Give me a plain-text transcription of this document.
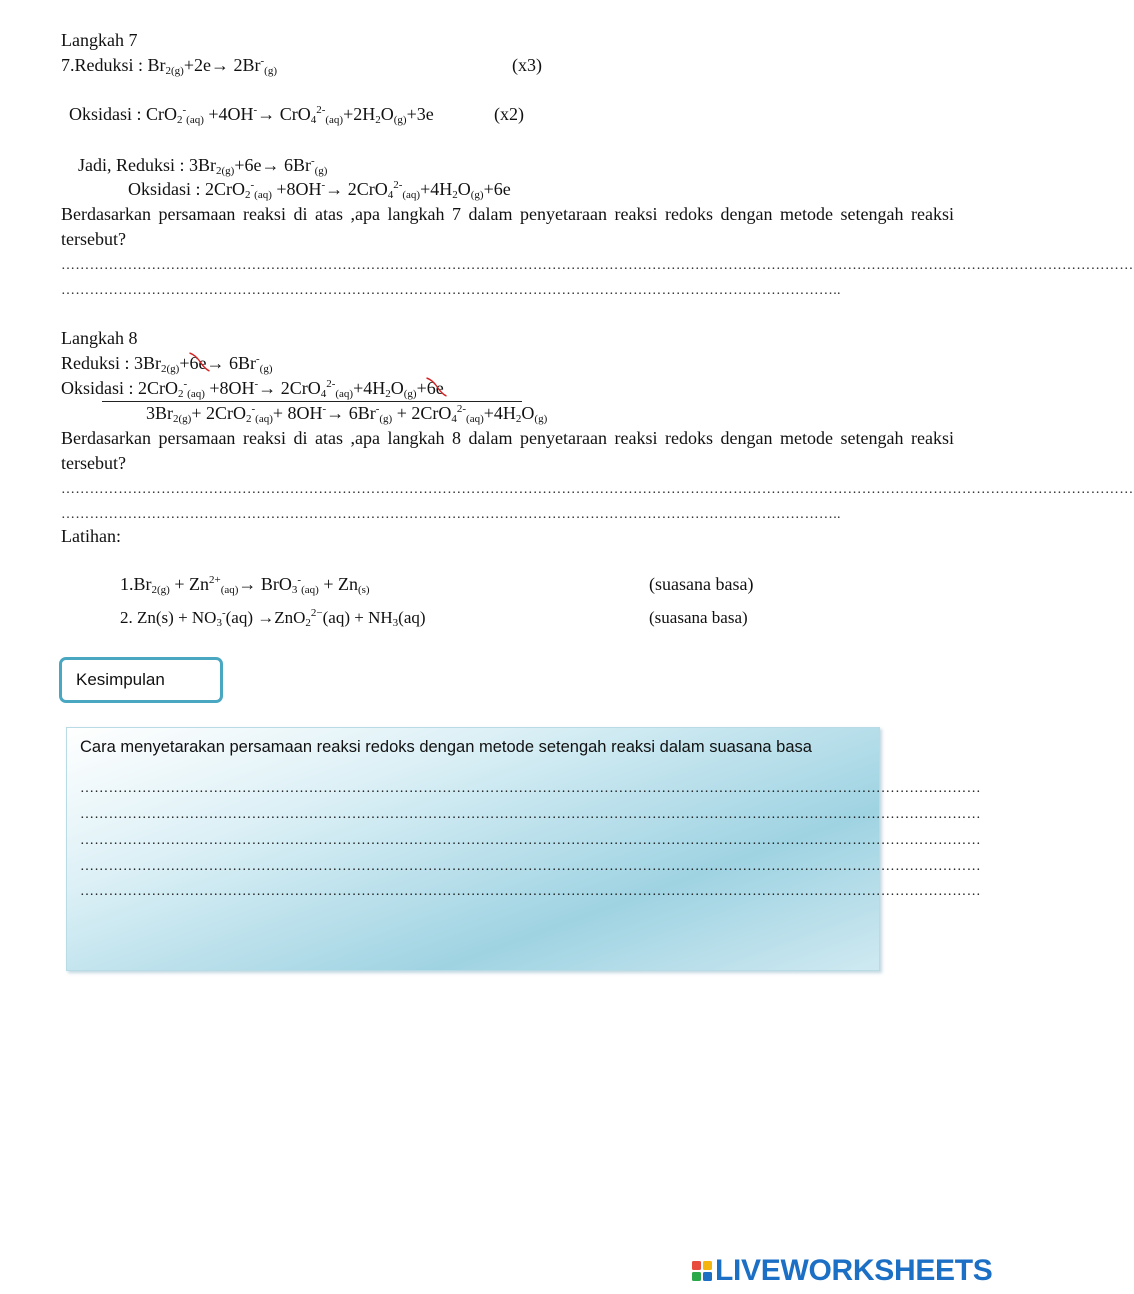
Langkah 7
7.Reduksi : $Br_{2(g)}+2e\to 2Br^-_{(g)}$	(x3)
Oksidasi : $CrO_2^-_{(aq)} +4OH^-\to CrO_4^{2-}_{(aq)}+2H_2O_{(g)}+3e$	(x2)
Jadi, Reduksi : $3Br_{2(g)}+6e\to 6Br^-_{(g)}$
Oksidasi : $2CrO_2^-_{(aq)} +8OH^-\to 2CrO_4^{2-}_{(aq)}+4H_2O_{(g)}+6e$
Berdasarkan persamaan reaksi di atas ,apa langkah 7 dalam penyetaraan reaksi redoks dengan metode setengah reaksi tersebut?
………………………………………………………………………………………………………………………………………………………………………………………………………
………………………………………………………………………………………………………………………………………………..
Langkah 8
Reduksi : $3Br_{2(g)}+6e$
→ $6Br^-_{(g)}$
Oksidasi : $2CrO_2^-_{(aq)} +8OH^-\to 2CrO_4^{2-}_{(aq)}+4H_2O_{(g)}+6e$
$3Br_{2(g)}+ 2CrO_2^-_{(aq)}+ 8OH^-\to 6Br^-_{(g)} + 2CrO_4^{2-}_{(aq)}+4H_2O_{(g)}$
Berdasarkan persamaan reaksi di atas ,apa langkah 8 dalam penyetaraan reaksi redoks dengan metode setengah reaksi tersebut?
………………………………………………………………………………………………………………………………………………………………………………………………………
………………………………………………………………………………………………………………………………………………..
Latihan:
$1.Br_{2(g)} + Zn^{2+}_{(aq)}\to BrO_3^-_{(aq)} + Zn_{(s)}$	(suasana basa)
2. $Zn(s) + NO_3^-(aq) \to ZnO_2^{2-}(aq) + NH_3(aq)$	(suasana basa)
Kesimpulan
Cara menyetarakan persamaan reaksi redoks dengan metode setengah reaksi dalam suasana basa
………………………………………………………………………………………………………………………………………………………………………
………………………………………………………………………………………………………………………………………………………………………
………………………………………………………………………………………………………………………………………………………………………
………………………………………………………………………………………………………………………………………………………………………
………………………………………………………………………………………………………………………………………………………………………
LIVEWORKSHEETS
